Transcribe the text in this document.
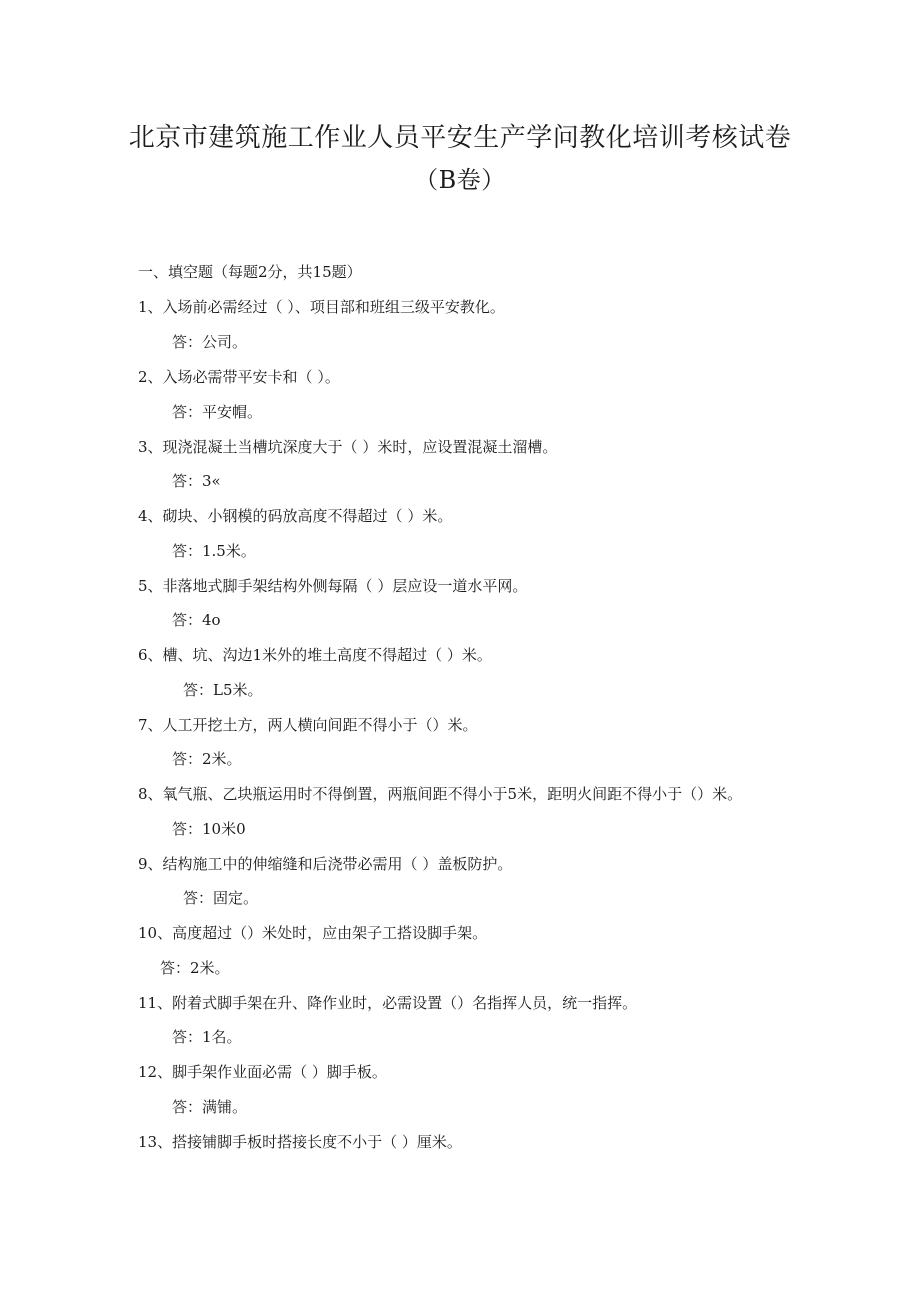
北京市建筑施工作业人员平安生产学问教化培训考核试卷
（B卷）
一、填空题（每题2分，共15题）
1、入场前必需经过（ ）、项目部和班组三级平安教化。
答：公司。
2、入场必需带平安卡和（ ）。
答：平安帽。
3、现浇混凝土当槽坑深度大于（ ）米时，应设置混凝土溜槽。
答：3«
4、砌块、小钢模的码放高度不得超过（ ）米。
答：1.5米。
5、非落地式脚手架结构外侧每隔（ ）层应设一道水平网。
答：4o
6、槽、坑、沟边1米外的堆土高度不得超过（ ）米。
答：L5米。
7、人工开挖土方，两人横向间距不得小于（）米。
答：2米。
8、氧气瓶、乙块瓶运用时不得倒置，两瓶间距不得小于5米，距明火间距不得小于（）米。
答：10米0
9、结构施工中的伸缩缝和后浇带必需用（ ）盖板防护。
答：固定。
10、高度超过（）米处时，应由架子工搭设脚手架。
答：2米。
11、附着式脚手架在升、降作业时，必需设置（）名指挥人员，统一指挥。
答：1名。
12、脚手架作业面必需（ ）脚手板。
答：满铺。
13、搭接铺脚手板时搭接长度不小于（ ）厘米。
